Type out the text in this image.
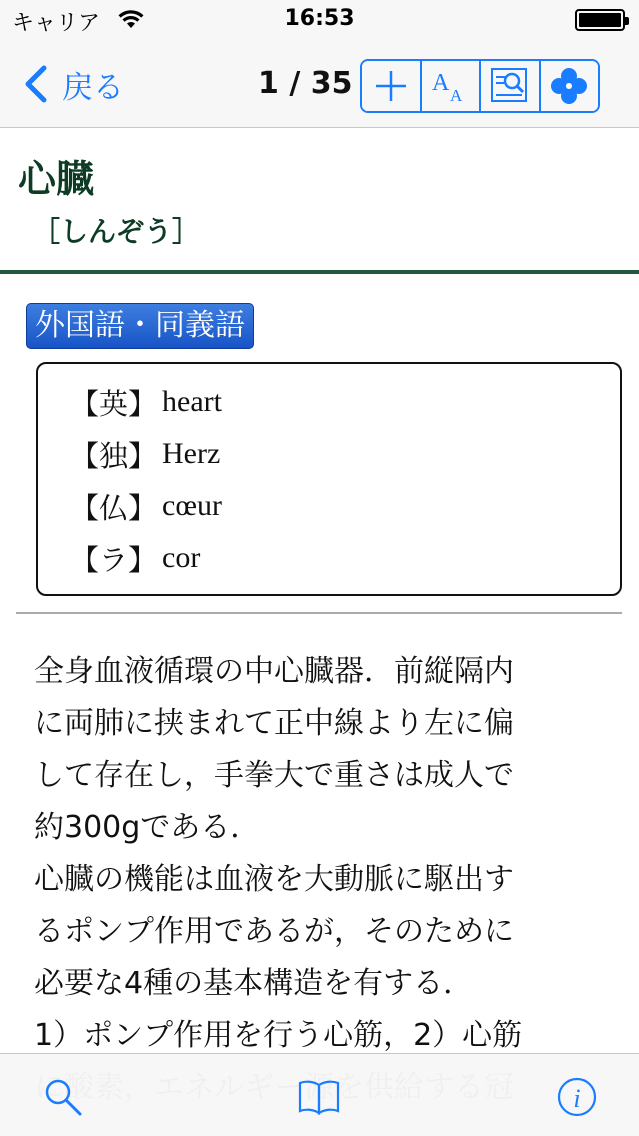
キャリア	16:53
戻る	1 / 35	A A
心臓
［しんぞう］
外国語・同義語
【英】 heart
【独】 Herz
【仏】 cœur
【ラ】 cor
全身血液循環の中心臓器．前縦隔内
に両肺に挟まれて正中線より左に偏
して存在し，手拳大で重さは成人で
約300gである．
心臓の機能は血液を大動脈に駆出す
るポンプ作用であるが，そのために
必要な4種の基本構造を有する．
1）ポンプ作用を行う心筋，2）心筋
i
